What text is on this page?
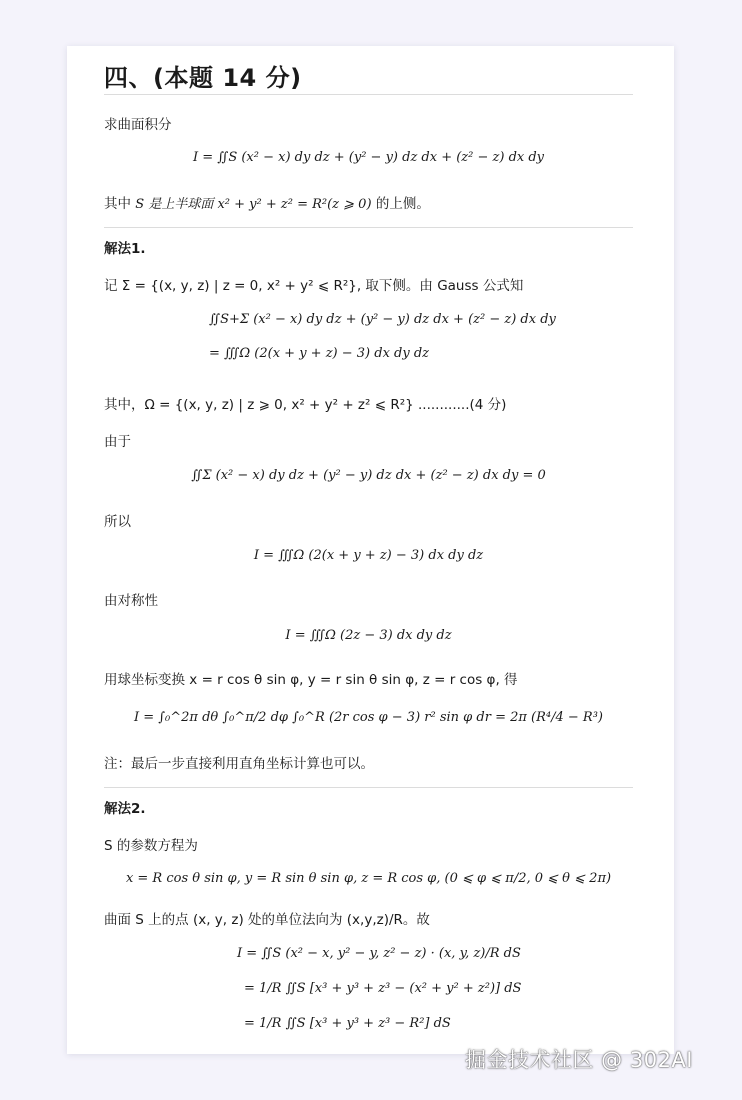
四、(本题 14 分)
求曲面积分
I = ∬S (x² − x) dy dz + (y² − y) dz dx + (z² − z) dx dy
其中 S 是上半球面 x² + y² + z² = R²(z ⩾ 0) 的上侧。
解法1.
记 Σ = {(x, y, z) | z = 0, x² + y² ⩽ R²}, 取下侧。由 Gauss 公式知
∬S+Σ (x² − x) dy dz + (y² − y) dz dx + (z² − z) dx dy
= ∭Ω (2(x + y + z) − 3) dx dy dz
其中，Ω = {(x, y, z) | z ⩾ 0, x² + y² + z² ⩽ R²} ............(4 分)
由于
∬Σ (x² − x) dy dz + (y² − y) dz dx + (z² − z) dx dy = 0
所以
I = ∭Ω (2(x + y + z) − 3) dx dy dz
由对称性
I = ∭Ω (2z − 3) dx dy dz
用球坐标变换 x = r cos θ sin φ, y = r sin θ sin φ, z = r cos φ, 得
I = ∫₀^2π dθ ∫₀^π/2 dφ ∫₀^R (2r cos φ − 3) r² sin φ dr = 2π (R⁴/4 − R³)
注：最后一步直接利用直角坐标计算也可以。
解法2.
S 的参数方程为
x = R cos θ sin φ, y = R sin θ sin φ, z = R cos φ, (0 ⩽ φ ⩽ π/2, 0 ⩽ θ ⩽ 2π)
曲面 S 上的点 (x, y, z) 处的单位法向为 (x,y,z)/R。故
I = ∬S (x² − x, y² − y, z² − z) · (x, y, z)/R dS
= 1/R ∬S [x³ + y³ + z³ − (x² + y² + z²)] dS
= 1/R ∬S [x³ + y³ + z³ − R²] dS
掘金技术社区 @ 302AI
